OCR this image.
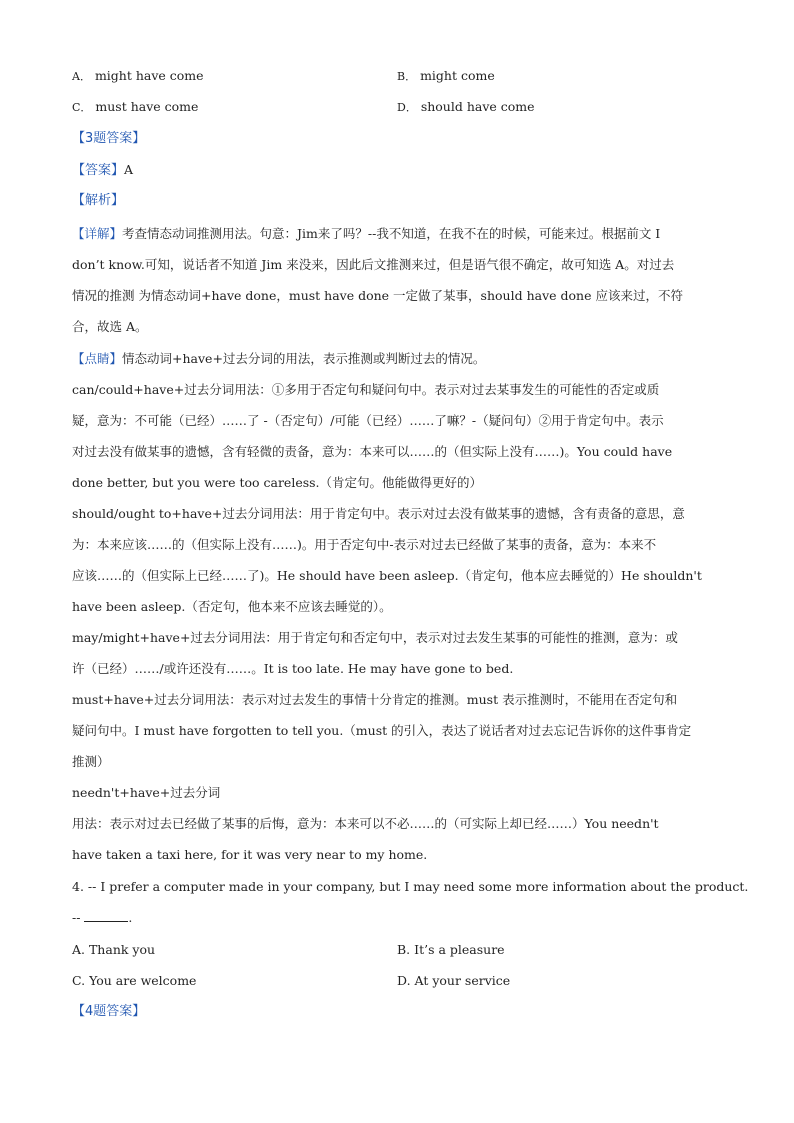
A． might have come	B． might come
C． must have come	D． should have come
【3题答案】
【答案】A
【解析】

【详解】考查情态动词推测用法。句意：Jim来了吗？--我不知道，在我不在的时候，可能来过。根据前文 I

don’t know.可知，说话者不知道 Jim 来没来，因此后文推测来过，但是语气很不确定，故可知选 A。对过去

情况的推测 为情态动词+have done，must have done 一定做了某事，should have done 应该来过，不符

合，故选 A。

【点睛】情态动词+have+过去分词的用法，表示推测或判断过去的情况。

can/could+have+过去分词用法：①多用于否定句和疑问句中。表示对过去某事发生的可能性的否定或质

疑，意为：不可能（已经）……了 -（否定句）/可能（已经）……了嘛？-（疑问句）②用于肯定句中。表示

对过去没有做某事的遗憾，含有轻微的责备，意为：本来可以……的（但实际上没有……)。You could have

done better, but you were too careless.（肯定句。他能做得更好的）

should/ought to+have+过去分词用法：用于肯定句中。表示对过去没有做某事的遗憾，含有责备的意思，意

为：本来应该……的（但实际上没有……)。用于否定句中-表示对过去已经做了某事的责备，意为：本来不

应该……的（但实际上已经……了)。He should have been asleep.（肯定句，他本应去睡觉的）He shouldn't

have been asleep.（否定句，他本来不应该去睡觉的）。

may/might+have+过去分词用法：用于肯定句和否定句中，表示对过去发生某事的可能性的推测，意为：或

许（已经）……/或许还没有……。It is too late. He may have gone to bed.

must+have+过去分词用法：表示对过去发生的事情十分肯定的推测。must 表示推测时，不能用在否定句和

疑问句中。I must have forgotten to tell you.（must 的引入，表达了说话者对过去忘记告诉你的这件事肯定

推测）

needn't+have+过去分词

用法：表示对过去已经做了某事的后悔，意为：本来可以不必……的（可实际上却已经……）You needn't

have taken a taxi here, for it was very near to my home.

4. -- I prefer a computer made in your company, but I may need some more information about the product.
--	.
A. Thank you	B. It’s a pleasure
C. You are welcome	D. At your service
【4题答案】
